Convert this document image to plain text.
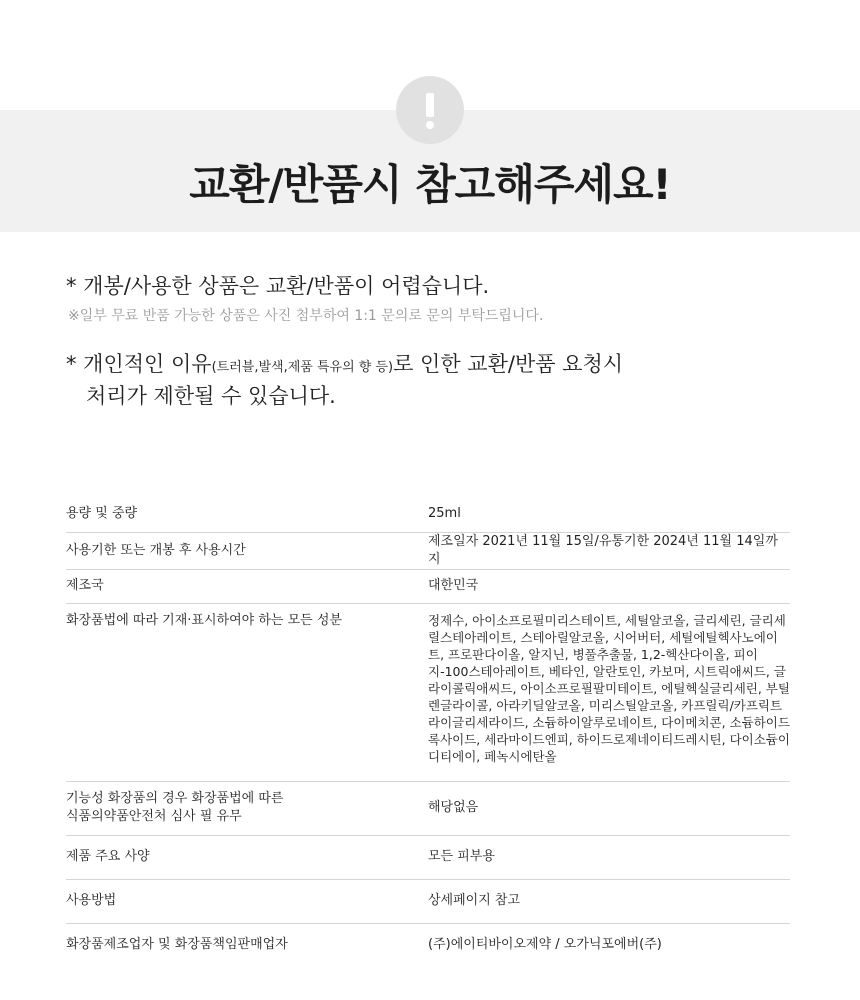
교환/반품시 참고해주세요!
* 개봉/사용한 상품은 교환/반품이 어렵습니다.
※일부 무료 반품 가능한 상품은 사진 첨부하여 1:1 문의로 문의 부탁드립니다.
* 개인적인 이유(트러블,발색,제품 특유의 향 등)로 인한 교환/반품 요청시
처리가 제한될 수 있습니다.
용량 및 중량	25ml
사용기한 또는 개봉 후 사용시간	제조일자 2021년 11월 15일/유통기한 2024년 11월 14일까지
제조국	대한민국
화장품법에 따라 기재·표시하여야 하는 모든 성분	정제수, 아이소프로필미리스테이트, 세틸알코올, 글리세린, 글리세릴스테아레이트, 스테아릴알코올, 시어버터, 세틸에틸헥사노에이트, 프로판다이올, 알지닌, 병풀추출물, 1,2-헥산다이올, 피이지-100스테아레이트, 베타인, 알란토인, 카보머, 시트릭애씨드, 글라이콜릭애씨드, 아이소프로필팔미테이트, 에틸헥실글리세린, 부틸렌글라이콜, 아라키딜알코올, 미리스틸알코올, 카프릴릭/카프릭트라이글리세라이드, 소듐하이알루로네이트, 다이메치콘, 소듐하이드록사이드, 세라마이드엔피, 하이드로제네이티드레시틴, 다이소듐이디티에이, 페녹시에탄올
기능성 화장품의 경우 화장품법에 따른
식품의약품안전처 심사 필 유무	해당없음
제품 주요 사양	모든 피부용
사용방법	상세페이지 참고
화장품제조업자 및 화장품책임판매업자	(주)에이티바이오제약 / 오가닉포에버(주)
